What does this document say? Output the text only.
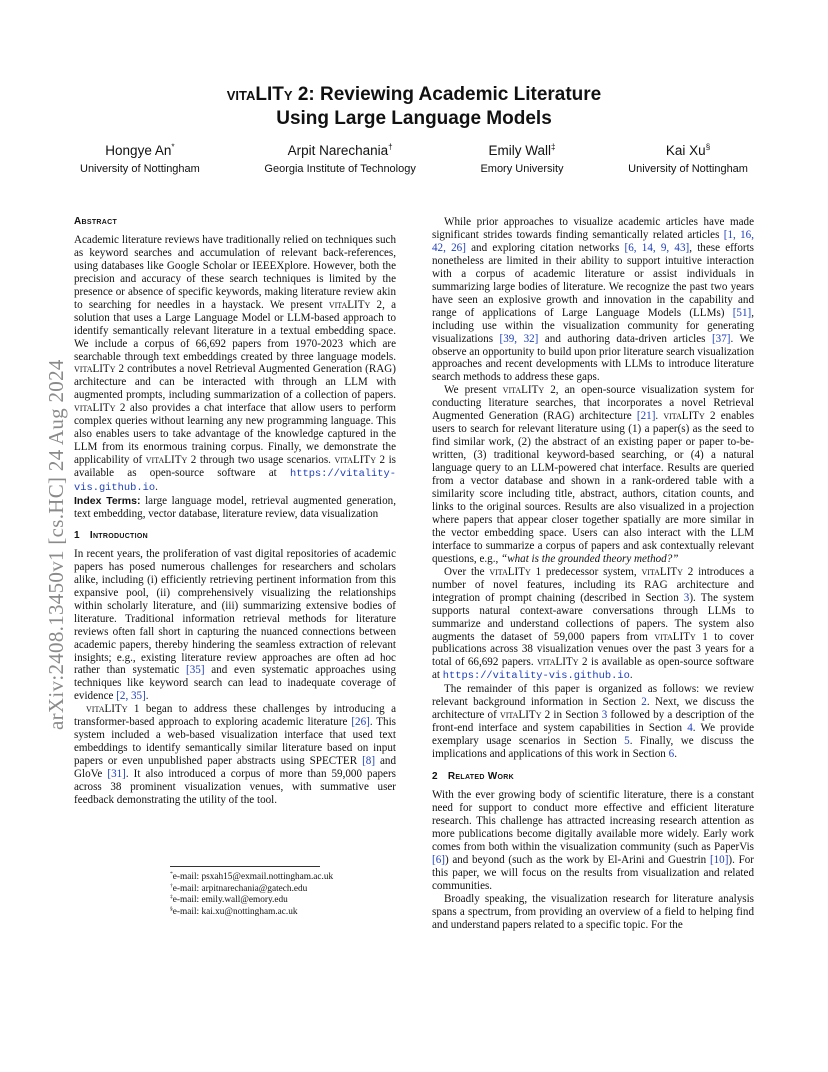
arXiv:2408.13450v1 [cs.HC] 24 Aug 2024
vitaLITy 2: Reviewing Academic Literature
Using Large Language Models
Hongye An*
University of Nottingham
Arpit Narechania†
Georgia Institute of Technology
Emily Wall‡
Emory University
Kai Xu§
University of Nottingham
Abstract

Academic literature reviews have traditionally relied on techniques such as keyword searches and accumulation of relevant back-references, using databases like Google Scholar or IEEEXplore. However, both the precision and accuracy of these search techniques is limited by the presence or absence of specific keywords, making literature review akin to searching for needles in a haystack. We present vitaLITy 2, a solution that uses a Large Language Model or LLM-based approach to identify semantically relevant literature in a textual embedding space. We include a corpus of 66,692 papers from 1970-2023 which are searchable through text embeddings created by three language models. vitaLITy 2 contributes a novel Retrieval Augmented Generation (RAG) architecture and can be interacted with through an LLM with augmented prompts, including summarization of a collection of papers. vitaLITy 2 also provides a chat interface that allow users to perform complex queries without learning any new programming language. This also enables users to take advantage of the knowledge captured in the LLM from its enormous training corpus. Finally, we demonstrate the applicability of vitaLITy 2 through two usage scenarios. vitaLITy 2 is available as open-source software at https://vitality-vis.github.io.

Index Terms: large language model, retrieval augmented generation, text embedding, vector database, literature review, data visualization

1 Introduction

In recent years, the proliferation of vast digital repositories of academic papers has posed numerous challenges for researchers and scholars alike, including (i) efficiently retrieving pertinent information from this expansive pool, (ii) comprehensively visualizing the relationships within scholarly literature, and (iii) summarizing extensive bodies of literature. Traditional information retrieval methods for literature reviews often fall short in capturing the nuanced connections between academic papers, thereby hindering the seamless extraction of relevant insights; e.g., existing literature review approaches are often ad hoc rather than systematic [35] and even systematic approaches using techniques like keyword search can lead to inadequate coverage of evidence [2, 35].

vitaLITy 1 began to address these challenges by introducing a transformer-based approach to exploring academic literature [26]. This system included a web-based visualization interface that used text embeddings to identify semantically similar literature based on input papers or even unpublished paper abstracts using SPECTER [8] and GloVe [31]. It also introduced a corpus of more than 59,000 papers across 38 prominent visualization venues, with summative user feedback demonstrating the utility of the tool.

*e-mail: psxah15@exmail.nottingham.ac.uk
†e-mail: arpitnarechania@gatech.edu
‡e-mail: emily.wall@emory.edu
§e-mail: kai.xu@nottingham.ac.uk

While prior approaches to visualize academic articles have made significant strides towards finding semantically related articles [1, 16, 42, 26] and exploring citation networks [6, 14, 9, 43], these efforts nonetheless are limited in their ability to support intuitive interaction with a corpus of academic literature or assist individuals in summarizing large bodies of literature. We recognize the past two years have seen an explosive growth and innovation in the capability and range of applications of Large Language Models (LLMs) [51], including use within the visualization community for generating visualizations [39, 32] and authoring data-driven articles [37]. We observe an opportunity to build upon prior literature search visualization approaches and recent developments with LLMs to introduce literature search methods to address these gaps.

We present vitaLITy 2, an open-source visualization system for conducting literature searches, that incorporates a novel Retrieval Augmented Generation (RAG) architecture [21]. vitaLITy 2 enables users to search for relevant literature using (1) a paper(s) as the seed to find similar work, (2) the abstract of an existing paper or paper to-be-written, (3) traditional keyword-based searching, or (4) a natural language query to an LLM-powered chat interface. Results are queried from a vector database and shown in a rank-ordered table with a similarity score including title, abstract, authors, citation counts, and links to the original sources. Results are also visualized in a projection where papers that appear closer together spatially are more similar in the vector embedding space. Users can also interact with the LLM interface to summarize a corpus of papers and ask contextually relevant questions, e.g., “what is the grounded theory method?”

Over the vitaLITy 1 predecessor system, vitaLITy 2 introduces a number of novel features, including its RAG architecture and integration of prompt chaining (described in Section 3). The system supports natural context-aware conversations through LLMs to summarize and understand collections of papers. The system also augments the dataset of 59,000 papers from vitaLITy 1 to cover publications across 38 visualization venues over the past 3 years for a total of 66,692 papers. vitaLITy 2 is available as open-source software at https://vitality-vis.github.io.

The remainder of this paper is organized as follows: we review relevant background information in Section 2. Next, we discuss the architecture of vitaLITy 2 in Section 3 followed by a description of the front-end interface and system capabilities in Section 4. We provide exemplary usage scenarios in Section 5. Finally, we discuss the implications and applications of this work in Section 6.

2 Related Work

With the ever growing body of scientific literature, there is a constant need for support to conduct more effective and efficient literature research. This challenge has attracted increasing research attention as more publications become digitally available more widely. Early work comes from both within the visualization community (such as PaperVis [6]) and beyond (such as the work by El-Arini and Guestrin [10]). For this paper, we will focus on the results from visualization and related communities.

Broadly speaking, the visualization research for literature analysis spans a spectrum, from providing an overview of a field to helping find and understand papers related to a specific topic. For the
